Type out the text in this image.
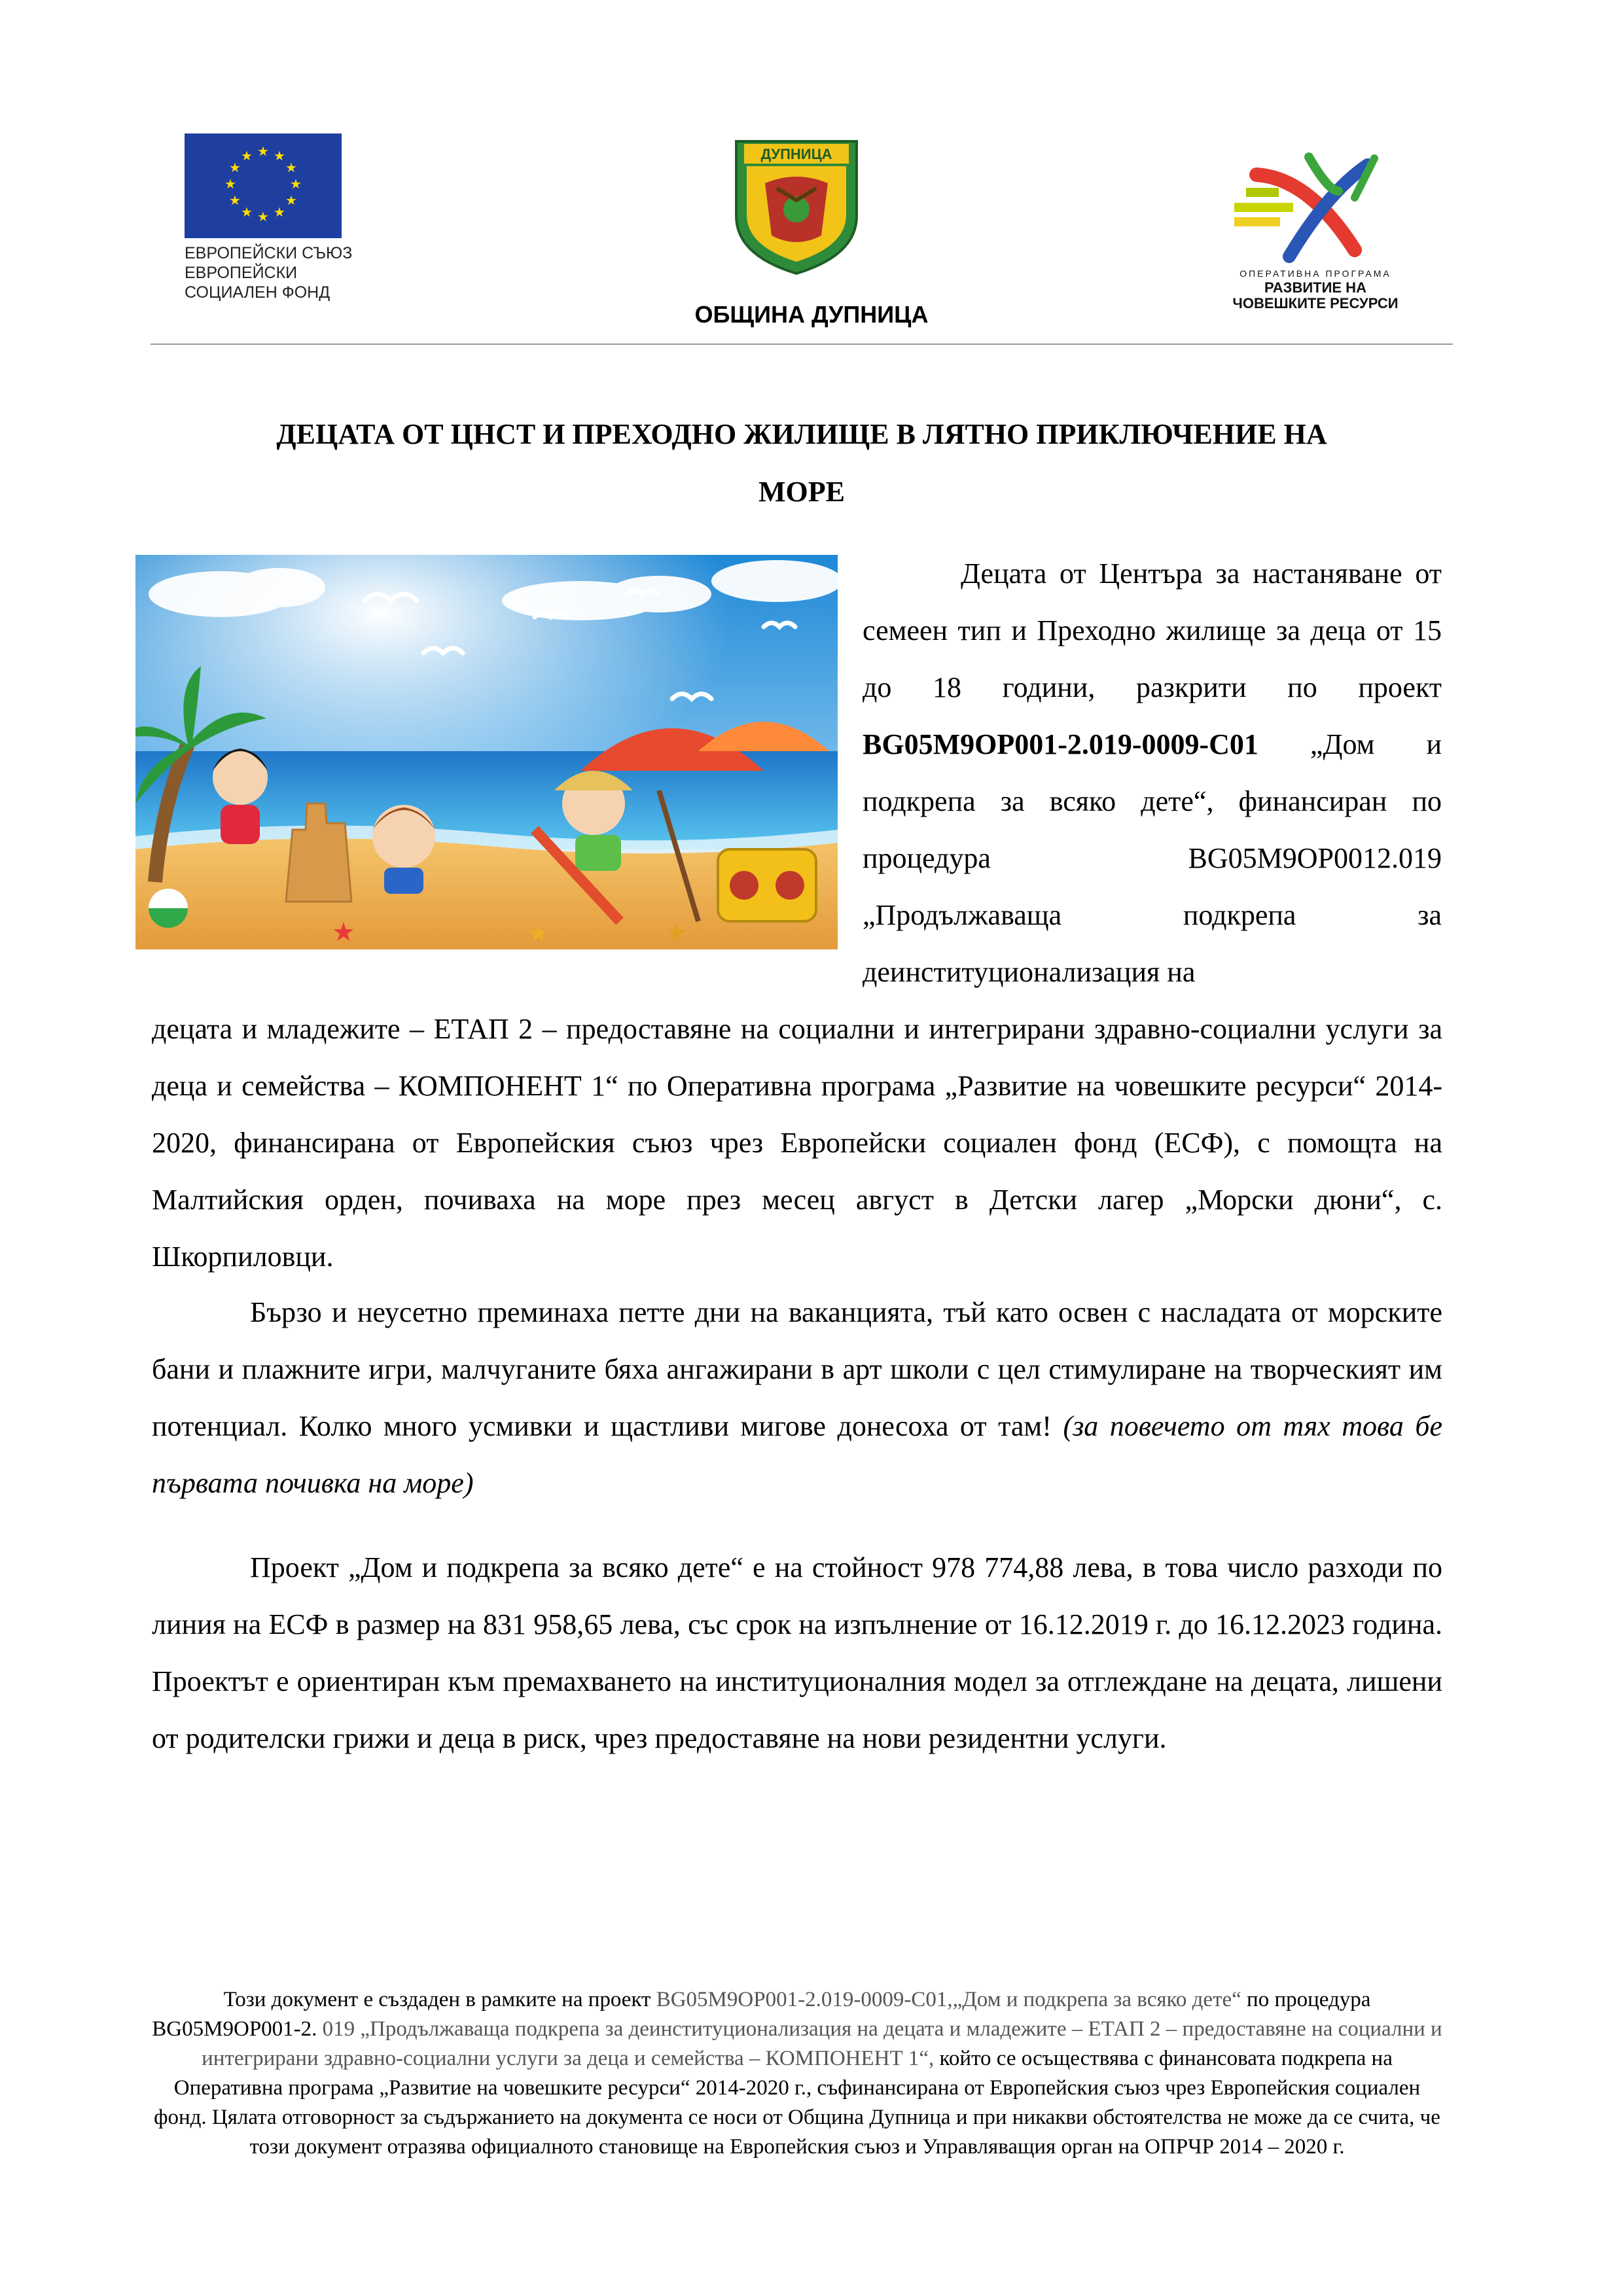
★ ★
★
★
★
★
★
★
★
★
★
★
ЕВРОПЕЙСКИ СЪЮЗ
ЕВРОПЕЙСКИ
СОЦИАЛЕН ФОНД
ДУПНИЦА
ОБЩИНА ДУПНИЦА
ОПЕРАТИВНА ПРОГРАМА
РАЗВИТИЕ НА
ЧОВЕШКИТЕ РЕСУРСИ
ДЕЦАТА ОТ ЦНСТ И ПРЕХОДНО ЖИЛИЩЕ В ЛЯТНО ПРИКЛЮЧЕНИЕ НА
МОРЕ
★	★	★
Децата от Центъра за настаняване от семеен тип и Преходно жилище за деца от 15 до 18 години, разкрити по проект BG05M9OP001-2.019-0009-C01 „Дом и подкрепа за всяко дете“, финансиран по процедура BG05M9OP0012.019 „Продължаваща подкрепа за деинституционализация на
децата и младежите – ЕТАП 2 – предоставяне на социални и интегрирани здравно-социални услуги за деца и семейства – КОМПОНЕНТ 1“ по Оперативна програма „Развитие на човешките ресурси“ 2014-2020, финансирана от Европейския съюз чрез Европейски социален фонд (ЕСФ), с помощта на Малтийския орден, почиваха на море през месец август в Детски лагер „Морски дюни“, с. Шкорпиловци.
Бързо и неусетно преминаха петте дни на ваканцията, тъй като освен с насладата от морските бани и плажните игри, малчуганите бяха ангажирани в арт школи с цел стимулиране на творческият им потенциал. Колко много усмивки и щастливи мигове донесоха от там! (за повечето от тях това бе първата почивка на море)
Проект „Дом и подкрепа за всяко дете“ е на стойност 978 774,88 лева, в това число разходи по линия на ЕСФ в размер на 831 958,65 лева, със срок на изпълнение от 16.12.2019 г. до 16.12.2023 година. Проектът е ориентиран към премахването на институционалния модел за отглеждане на децата, лишени от родителски грижи и деца в риск, чрез предоставяне на нови резидентни услуги.
Този документ е създаден в рамките на проект BG05M9OP001-2.019-0009-C01,„Дом и подкрепа за всяко дете“ по процедура BG05M9OP001-2. 019 „Продължаваща подкрепа за деинституционализация на децата и младежите – ЕТАП 2 – предоставяне на социални и интегрирани здравно-социални услуги за деца и семейства – КОМПОНЕНТ 1“, който се осъществява с финансовата подкрепа на Оперативна програма „Развитие на човешките ресурси“ 2014-2020 г., съфинансирана от Европейския съюз чрез Европейския социален фонд. Цялата отговорност за съдържанието на документа се носи от Община Дупница и при никакви обстоятелства не може да се счита, че този документ отразява официалното становище на Европейския съюз и Управляващия орган на ОПРЧР 2014 – 2020 г.
